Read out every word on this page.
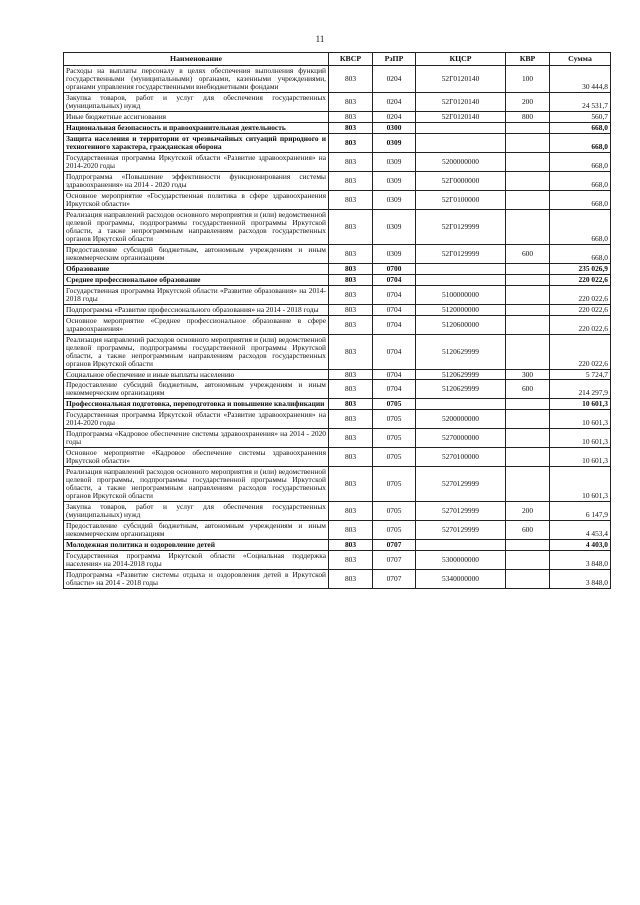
11
Наименование	КВСР	РзПР	КЦСР	КВР	Сумма
Расходы на выплаты персоналу в целях обеспечения выполнения функций государственными (муниципальными) органами, казенными учреждениями, органами управления государственными внебюджетными фондами	803	0204	52Г0120140	100	30 444,8
Закупка товаров, работ и услуг для обеспечения государственных (муниципальных) нужд	803	0204	52Г0120140	200	24 531,7
Иные бюджетные ассигнования	803	0204	52Г0120140	800	560,7
Национальная безопасность и правоохранительная деятельность	803	0300			668,0
Защита населения и территории от чрезвычайных ситуаций природного и техногенного характера, гражданская оборона	803	0309			668,0
Государственная программа Иркутской области «Развитие здравоохранения» на 2014-2020 годы	803	0309	5200000000		668,0
Подпрограмма «Повышение эффективности функционирования системы здравоохранения» на 2014 - 2020 годы	803	0309	52Г0000000		668,0
Основное мероприятие «Государственная политика в сфере здравоохранения Иркутской области»	803	0309	52Г0100000		668,0
Реализация направлений расходов основного мероприятия и (или) ведомственной целевой программы, подпрограммы государственной программы Иркутской области, а также непрограммным направлениям расходов государственных органов Иркутской области	803	0309	52Г0129999		668,0
Предоставление субсидий бюджетным, автономным учреждениям и иным некоммерческим организациям	803	0309	52Г0129999	600	668,0
Образование	803	0700			235 026,9
Среднее профессиональное образование	803	0704			220 022,6
Государственная программа Иркутской области «Развитие образования» на 2014-2018 годы	803	0704	5100000000		220 022,6
Подпрограмма «Развитие профессионального образования» на 2014 - 2018 годы	803	0704	5120000000		220 022,6
Основное мероприятие «Среднее профессиональное образование в сфере здравоохранения»	803	0704	5120600000		220 022,6
Реализация направлений расходов основного мероприятия и (или) ведомственной целевой программы, подпрограммы государственной программы Иркутской области, а также непрограммным направлениям расходов государственных органов Иркутской области	803	0704	5120629999		220 022,6
Социальное обеспечение и иные выплаты населению	803	0704	5120629999	300	5 724,7
Предоставление субсидий бюджетным, автономным учреждениям и иным некоммерческим организациям	803	0704	5120629999	600	214 297,9
Профессиональная подготовка, переподготовка и повышение квалификации	803	0705			10 601,3
Государственная программа Иркутской области «Развитие здравоохранения» на 2014-2020 годы	803	0705	5200000000		10 601,3
Подпрограмма «Кадровое обеспечение системы здравоохранения» на 2014 - 2020 годы	803	0705	5270000000		10 601,3
Основное мероприятие «Кадровое обеспечение системы здравоохранения Иркутской области»	803	0705	5270100000		10 601,3
Реализация направлений расходов основного мероприятия и (или) ведомственной целевой программы, подпрограммы государственной программы Иркутской области, а также непрограммным направлениям расходов государственных органов Иркутской области	803	0705	5270129999		10 601,3
Закупка товаров, работ и услуг для обеспечения государственных (муниципальных) нужд	803	0705	5270129999	200	6 147,9
Предоставление субсидий бюджетным, автономным учреждениям и иным некоммерческим организациям	803	0705	5270129999	600	4 453,4
Молодежная политика и оздоровление детей	803	0707			4 403,0
Государственная программа Иркутской области «Социальная поддержка населения» на 2014-2018 годы	803	0707	5300000000		3 848,0
Подпрограмма «Развитие системы отдыха и оздоровления детей в Иркутской области» на 2014 - 2018 годы	803	0707	5340000000		3 848,0
